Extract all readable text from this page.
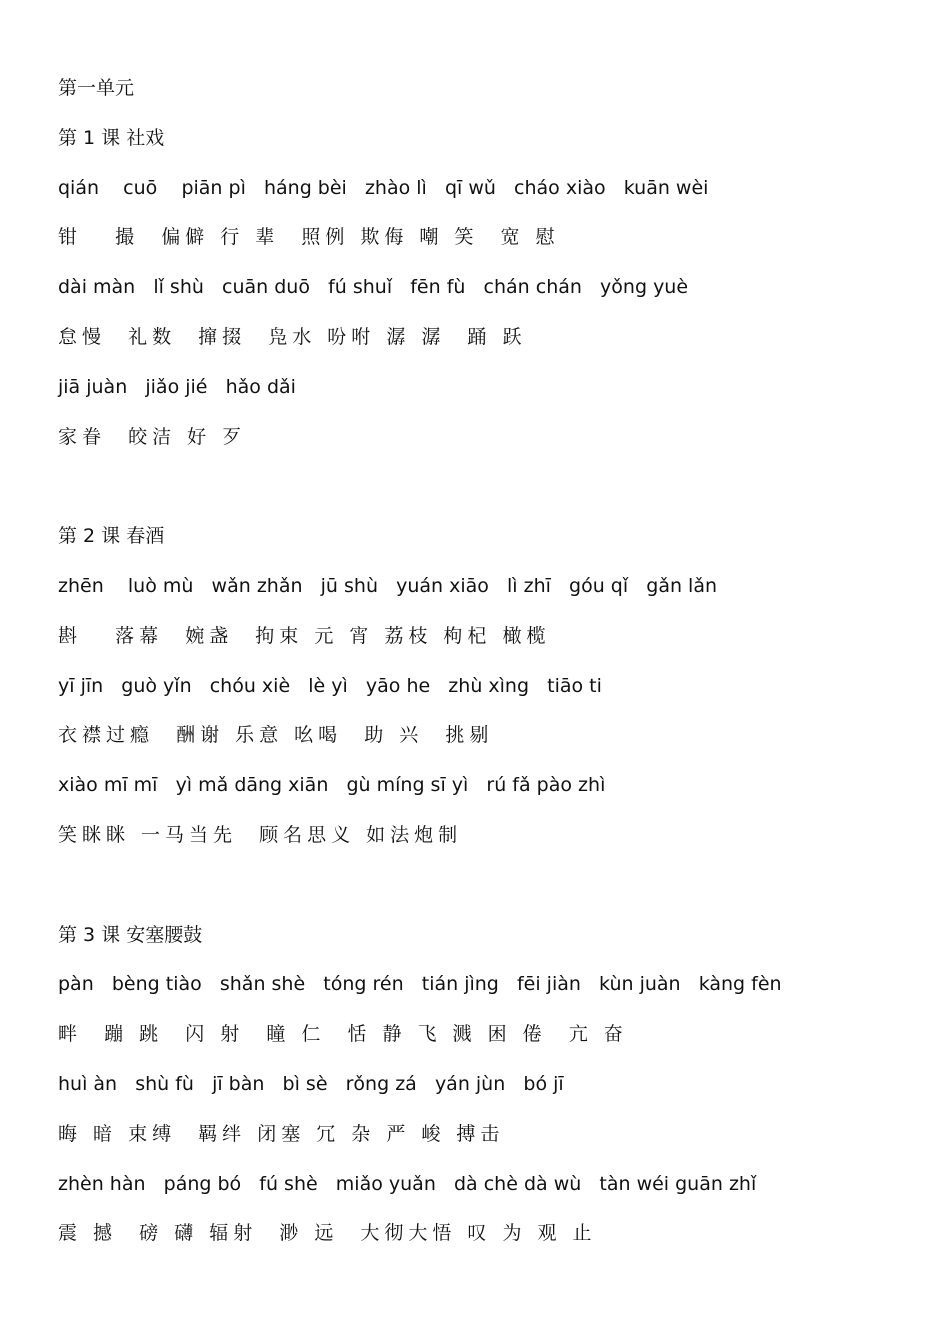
第一单元
第 1 课 社戏
qián    cuō    piān pì   háng bèi   zhào lì   qī wǔ   cháo xiào   kuān wèi
钳   撮  偏僻 行 辈  照例 欺侮 嘲 笑  宽 慰
dài màn   lǐ shù   cuān duō   fú shuǐ   fēn fù   chán chán   yǒng yuè
怠慢  礼数  撺掇  凫水 吩咐 潺 潺  踊 跃
jiā juàn   jiǎo jié   hǎo dǎi
家眷  皎洁 好 歹
第 2 课 春酒
zhēn    luò mù   wǎn zhǎn   jū shù   yuán xiāo   lì zhī   góu qǐ   gǎn lǎn
斟   落幕  婉盏  拘束 元 宵 荔枝 枸杞 橄榄
yī jīn   guò yǐn   chóu xiè   lè yì   yāo he   zhù xìng   tiāo ti
衣襟过瘾  酬谢 乐意 吆喝  助 兴  挑剔
xiào mī mī   yì mǎ dāng xiān   gù míng sī yì   rú fǎ pào zhì
笑眯眯 一马当先  顾名思义 如法炮制
第 3 课 安塞腰鼓
pàn   bèng tiào   shǎn shè   tóng rén   tián jìng   fēi jiàn   kùn juàn   kàng fèn
畔  蹦 跳  闪 射  瞳 仁  恬 静 飞 溅 困 倦  亢 奋
huì àn   shù fù   jī bàn   bì sè   rǒng zá   yán jùn   bó jī
晦 暗 束缚  羁绊 闭塞 冗 杂 严 峻 搏击
zhèn hàn   páng bó   fú shè   miǎo yuǎn   dà chè dà wù   tàn wéi guān zhǐ
震 撼  磅 礴 辐射  渺 远  大彻大悟 叹 为 观 止
